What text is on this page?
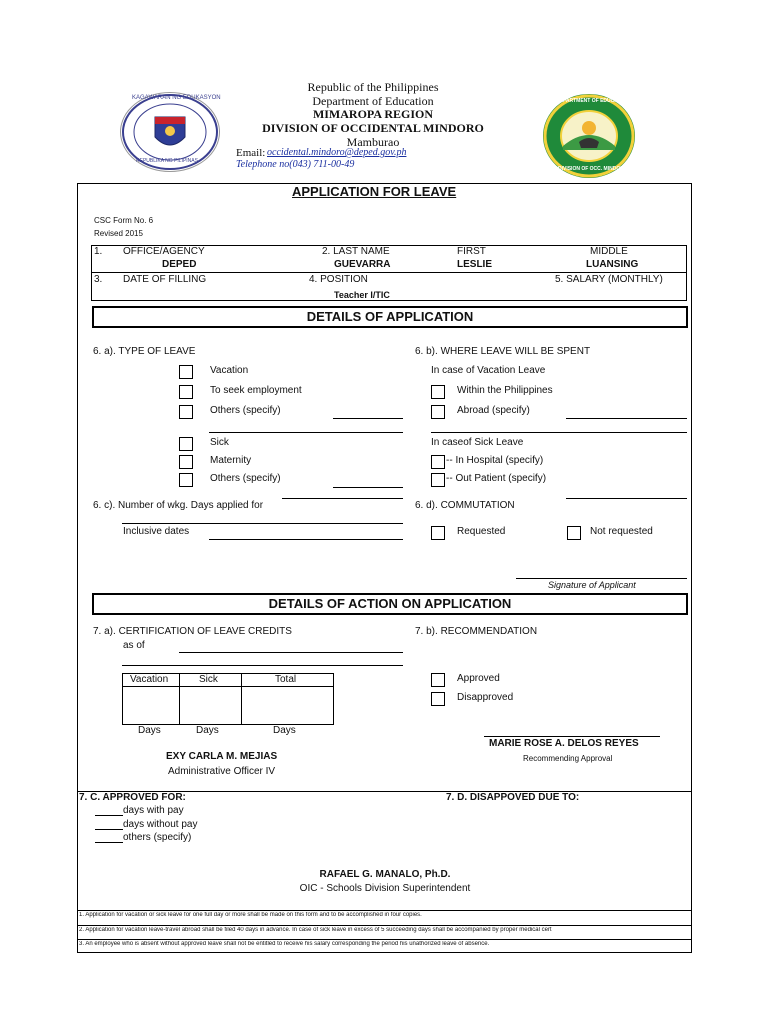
KAGAWARAN NG EDUKASYON
REPUBLIKA NG PILIPINAS
DEPARTMENT OF EDUCATION
DIVISION OF OCC. MINDORO
Republic of the Philippines
Department of Education
MIMAROPA REGION
DIVISION OF OCCIDENTAL MINDORO
Mamburao
Email: occidental.mindoro@deped.gov.ph
Telephone no(043) 711-00-49
APPLICATION FOR LEAVE
CSC Form No. 6
Revised 2015
1. OFFICE/AGENCY
DEPED
2. LAST NAME
GUEVARRA
FIRST
LESLIE
MIDDLE
LUANSING
3. DATE OF FILLING	4. POSITION
Teacher I/TIC
5. SALARY (MONTHLY)
DETAILS OF APPLICATION
6. a). TYPE OF LEAVE	6. b). WHERE LEAVE WILL BE SPENT
Vacation
To seek employment
Others (specify)
Sick
Maternity
Others (specify)
In case of Vacation Leave
Within the Philippines
Abroad (specify)
In caseof Sick Leave
-- In Hospital (specify)
-- Out Patient (specify)
6. c). Number of wkg. Days applied for
Inclusive dates
6. d). COMMUTATION
Requested	Not requested
Signature of Applicant
DETAILS OF ACTION ON APPLICATION
7. a). CERTIFICATION OF LEAVE CREDITS
as of
7. b). RECOMMENDATION
Vacation	Sick	Total
Days	Days	Days
Approved
Disapproved
MARIE ROSE A. DELOS REYES
Recommending Approval
EXY CARLA M. MEJIAS
Administrative Officer IV
7. C. APPROVED FOR:
days with pay
days without pay
others (specify)
7. D. DISAPPOVED DUE TO:
RAFAEL G. MANALO, Ph.D.
OIC - Schools Division Superintendent
1. Application for vacation or sick leave for one full day or more shall be made on this form and to be accomplished in four copies.
2. Application for vacation leave-travel abroad shall be filed 40 days in advance. In case of sick leave in excess of 5 succeeding days shall be accompanied by proper medical cert
3. An employee who is absent without approved leave shall not be entitled to receive his salary corresponding the period his unathorized leave of absence.
